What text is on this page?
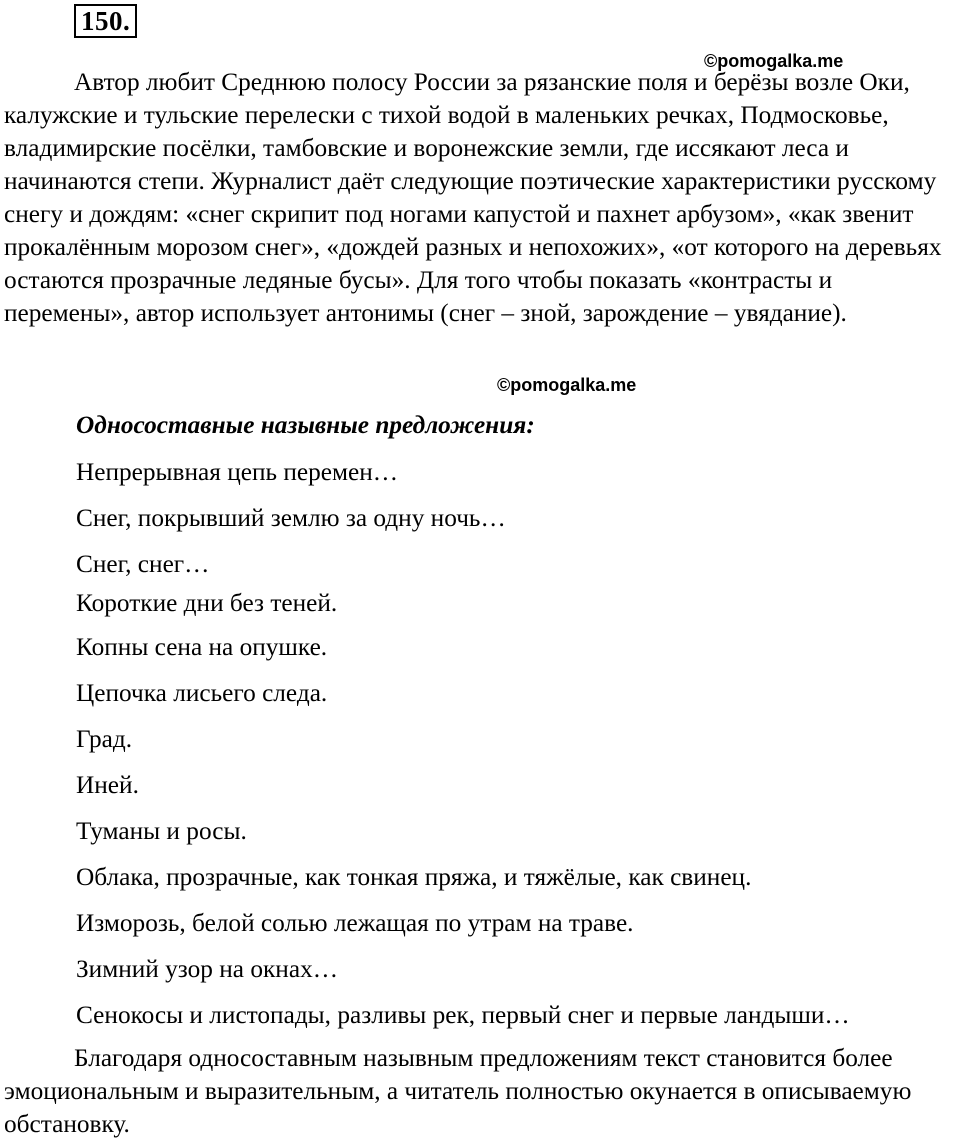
150.

Автор любит Среднюю полосу России за рязанские поля и берёзы возле Оки, калужские и тульские перелески с тихой водой в маленьких речках, Подмосковье, владимирские посёлки, тамбовские и воронежские земли, где иссякают леса и начинаются степи. Журналист даёт следующие поэтические характеристики русскому снегу и дождям: «снег скрипит под ногами капустой и пахнет арбузом», «как звенит прокалённым морозом снег», «дождей разных и непохожих», «от которого на деревьях остаются прозрачные ледяные бусы». Для того чтобы показать «контрасты и перемены», автор использует антонимы (снег – зной, зарождение – увядание).

©pomogalka.me
©pomogalka.me
Односоставные назывные предложения:
Непрерывная цепь перемен…
Снег, покрывший землю за одну ночь…
Снег, снег…
Короткие дни без теней.
Копны сена на опушке.
Цепочка лисьего следа.
Град.
Иней.
Туманы и росы.
Облака, прозрачные, как тонкая пряжа, и тяжёлые, как свинец.
Изморозь, белой солью лежащая по утрам на траве.
Зимний узор на окнах…
Сенокосы и листопады, разливы рек, первый снег и первые ландыши…

Благодаря односоставным назывным предложениям текст становится более эмоциональным и выразительным, а читатель полностью окунается в описываемую обстановку.
